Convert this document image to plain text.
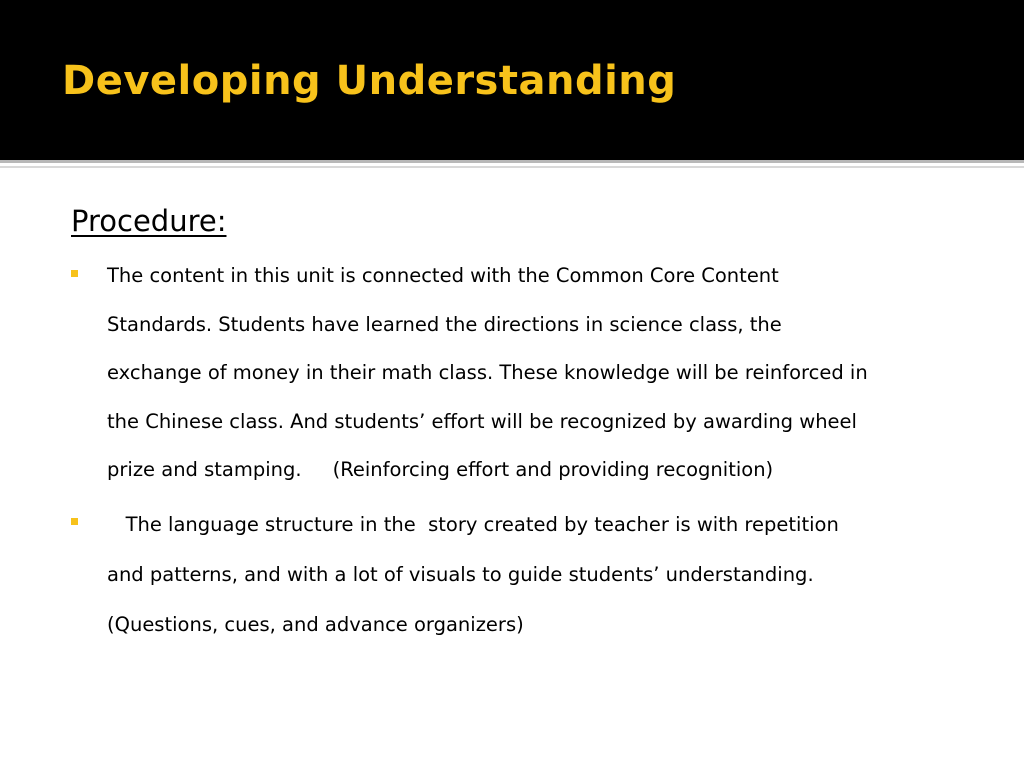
Developing Understanding
Procedure:

The content in this unit is connected with the Common Core Content
Standards. Students have learned the directions in science class, the
exchange of money in their math class. These knowledge will be reinforced in
the Chinese class. And students’ effort will be recognized by awarding wheel
prize and stamping.     (Reinforcing effort and providing recognition)

The language structure in the  story created by teacher is with repetition
and patterns, and with a lot of visuals to guide students’ understanding.
(Questions, cues, and advance organizers)
